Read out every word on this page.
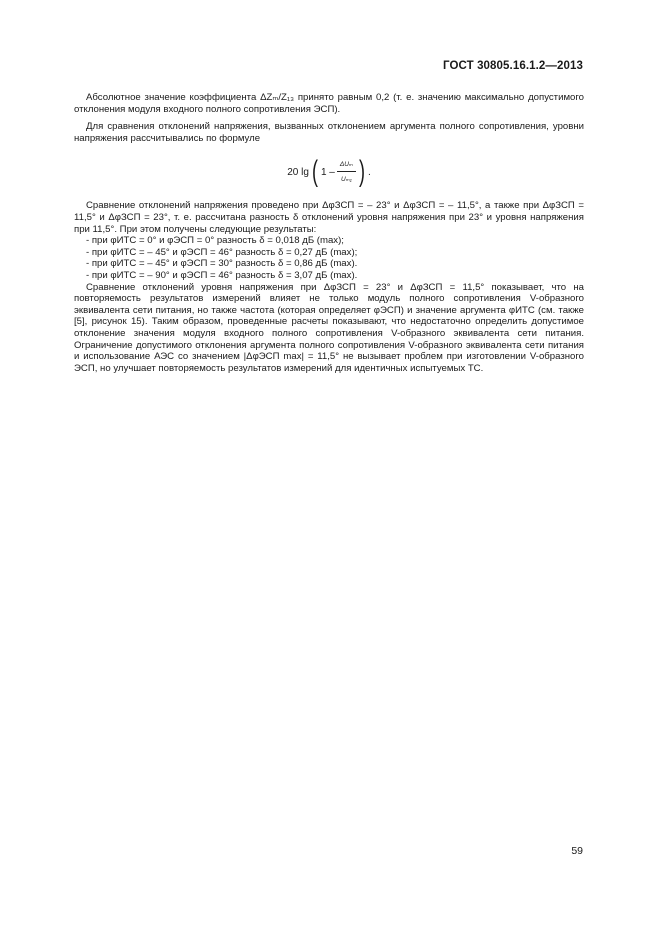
ГОСТ 30805.16.1.2—2013

Абсолютное значение коэффициента ΔZₘ/Z₁₃ принято равным 0,2 (т. е. значению максимально допустимого отклонения модуля входного полного сопротивления ЭСП).

Для сравнения отклонений напряжения, вызванных отклонением аргумента полного сопротивления, уровни напряжения рассчитывались по формуле

20 lg ( $1 - \frac{\text{ΔUₘ}}{\text{Uₘ₁}}$ ) .

Сравнение отклонений напряжения проведено при ΔφЗСП = – 23° и ΔφЗСП = – 11,5°, а также при ΔφЗСП = 11,5° и ΔφЗСП = 23°, т. е. рассчитана разность δ отклонений уровня напряжения при 23° и уровня напряжения при 11,5°. При этом получены следующие результаты:

- при φИТС = 0° и φЭСП = 0° разность δ = 0,018 дБ (max);

- при φИТС = – 45° и φЭСП = 46° разность δ = 0,27 дБ (max);

- при φИТС = – 45° и φЭСП = 30° разность δ = 0,86 дБ (max).

- при φИТС = – 90° и φЭСП = 46° разность δ = 3,07 дБ (max).

Сравнение отклонений уровня напряжения при ΔφЗСП = 23° и ΔφЗСП = 11,5° показывает, что на повторяемость результатов измерений влияет не только модуль полного сопротивления V-образного эквивалента сети питания, но также частота (которая определяет φЭСП) и значение аргумента φИТС (см. также [5], рисунок 15). Таким образом, проведенные расчеты показывают, что недостаточно определить допустимое отклонение значения модуля входного полного сопротивления V-образного эквивалента сети питания. Ограничение допустимого отклонения аргумента полного сопротивления V-образного эквивалента сети питания и использование АЭС со значением |ΔφЭСП max| = 11,5° не вызывает проблем при изготовлении V-образного ЭСП, но улучшает повторяемость результатов измерений для идентичных испытуемых ТС.

59
